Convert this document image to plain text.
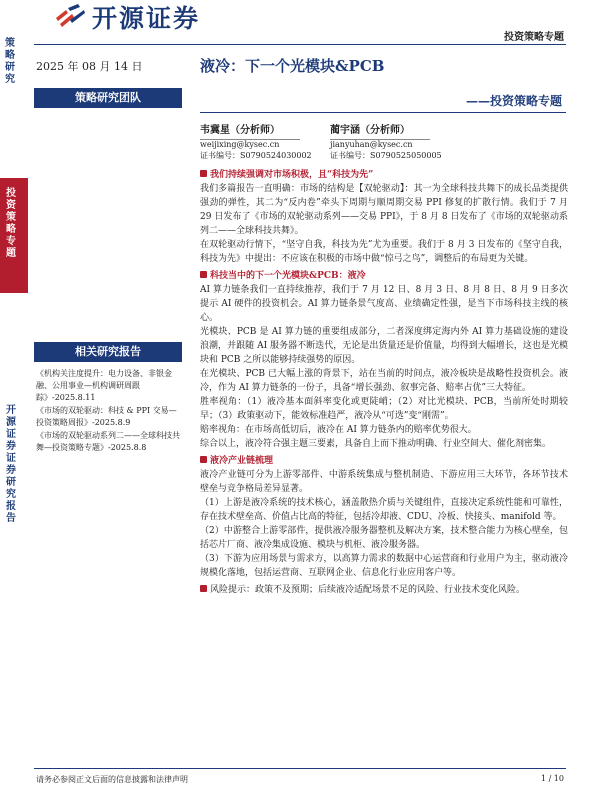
开源证券
投资策略专题
策略研究
投资策略专题
开源证券 证券研究报告
2025 年 08 月 14 日
策略研究团队
液冷：下一个光模块&PCB
——投资策略专题
韦冀星（分析师）
weijixing@kysec.cn
证书编号：S0790524030002
蔺宇涵（分析师）
jianyuhan@kysec.cn
证书编号：S0790525050005

我们持续强调对市场积极，且“科技为先”

我们多篇报告一直明确：市场的结构是【双轮驱动】：其一为全球科技共舞下的成长品类提供强劲的弹性，其二为“反内卷”牵头下周期与顺周期交易 PPI 修复的扩散行情。我们于 7 月 29 日发布了《市场的双轮驱动系列——交易 PPI》，于 8 月 8 日发布了《市场的双轮驱动系列二——全球科技共舞》。

在双轮驱动行情下，“坚守自我，科技为先”尤为重要。我们于 8 月 3 日发布的《坚守自我，科技为先》中提出：不应该在积极的市场中做“惊弓之鸟”，调整后的布局更为关键。

科技当中的下一个光模块&PCB：液冷

AI 算力链条我们一直持续推荐，我们于 7 月 12 日、8 月 3 日、8 月 8 日、8 月 9 日多次提示 AI 硬件的投资机会。AI 算力链条景气度高、业绩确定性强，是当下市场科技主线的核心。

光模块、PCB 是 AI 算力链的重要组成部分，二者深度绑定海内外 AI 算力基础设施的建设浪潮，并跟随 AI 服务器不断迭代，无论是出货量还是价值量，均得到大幅增长，这也是光模块和 PCB 之所以能够持续强势的原因。

在光模块、PCB 已大幅上涨的背景下，站在当前的时间点，液冷板块是战略性投资机会。液冷，作为 AI 算力链条的一份子，具备“增长强劲、叙事完备、赔率占优”三大特征。

胜率视角：（1）液冷基本面斜率变化或更陡峭；（2）对比光模块、PCB，当前所处时期较早；（3）政策驱动下，能效标准趋严，液冷从“可选”变“刚需”。

赔率视角：在市场高低切后，液冷在 AI 算力链条内的赔率优势很大。

综合以上，液冷符合强主题三要素，具备自上而下推动明确、行业空间大、催化剂密集。

液冷产业链梳理

液冷产业链可分为上游零部件、中游系统集成与整机制造、下游应用三大环节，各环节技术壁垒与竞争格局差异显著。

（1）上游是液冷系统的技术核心，涵盖散热介质与关键组件，直接决定系统性能和可靠性，存在技术壁垒高、价值占比高的特征，包括冷却液、CDU、冷板、快接头、manifold 等。

（2）中游整合上游零部件，提供液冷服务器整机及解决方案，技术整合能力为核心壁垒，包括芯片厂商、液冷集成设施、模块与机柜、液冷服务器。

（3）下游为应用场景与需求方，以高算力需求的数据中心运营商和行业用户为主，驱动液冷规模化落地，包括运营商、互联网企业、信息化行业应用客户等。

风险提示：政策不及预期；后续液冷适配场景不足的风险、行业技术变化风险。

相关研究报告
《机构关注度提升：电力设备、非银金融、公用事业—机构调研周跟踪》-2025.8.11
《市场的双轮驱动：科技 & PPI 交易—投资策略周报》-2025.8.9
《市场的双轮驱动系列二——全球科技共舞—投资策略专题》-2025.8.8
请务必参阅正文后面的信息披露和法律声明	1 / 10
